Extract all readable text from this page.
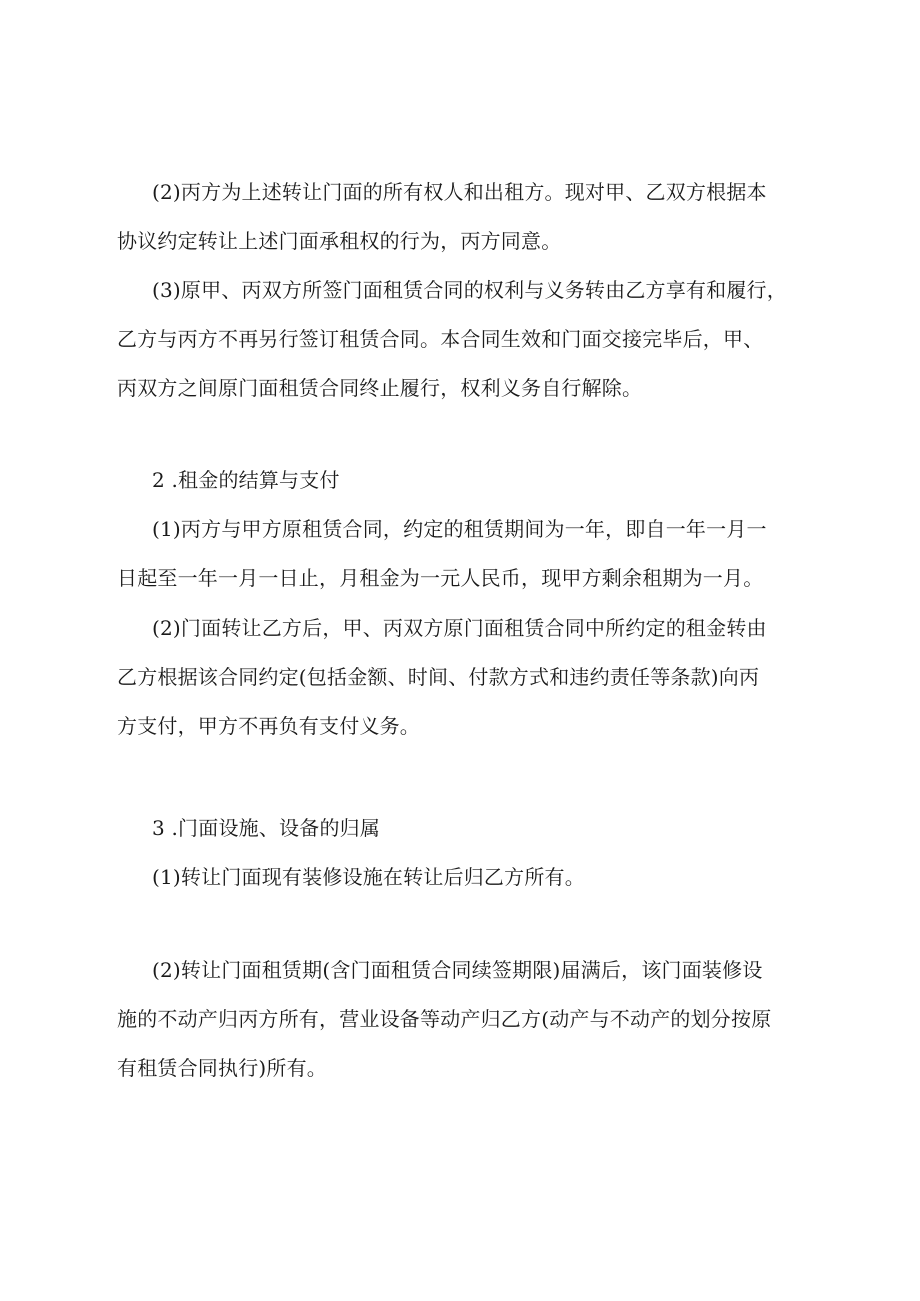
(2)丙方为上述转让门面的所有权人和出租方。现对甲、乙双方根据本
协议约定转让上述门面承租权的行为，丙方同意。
(3)原甲、丙双方所签门面租赁合同的权利与义务转由乙方享有和履行，
乙方与丙方不再另行签订租赁合同。本合同生效和门面交接完毕后，甲、
丙双方之间原门面租赁合同终止履行，权利义务自行解除。
2 .租金的结算与支付
(1)丙方与甲方原租赁合同，约定的租赁期间为一年，即自一年一月一
日起至一年一月一日止，月租金为一元人民币，现甲方剩余租期为一月。
(2)门面转让乙方后，甲、丙双方原门面租赁合同中所约定的租金转由
乙方根据该合同约定(包括金额、时间、付款方式和违约责任等条款)向丙
方支付，甲方不再负有支付义务。
3 .门面设施、设备的归属
(1)转让门面现有装修设施在转让后归乙方所有。
(2)转让门面租赁期(含门面租赁合同续签期限)届满后，该门面装修设
施的不动产归丙方所有，营业设备等动产归乙方(动产与不动产的划分按原
有租赁合同执行)所有。
